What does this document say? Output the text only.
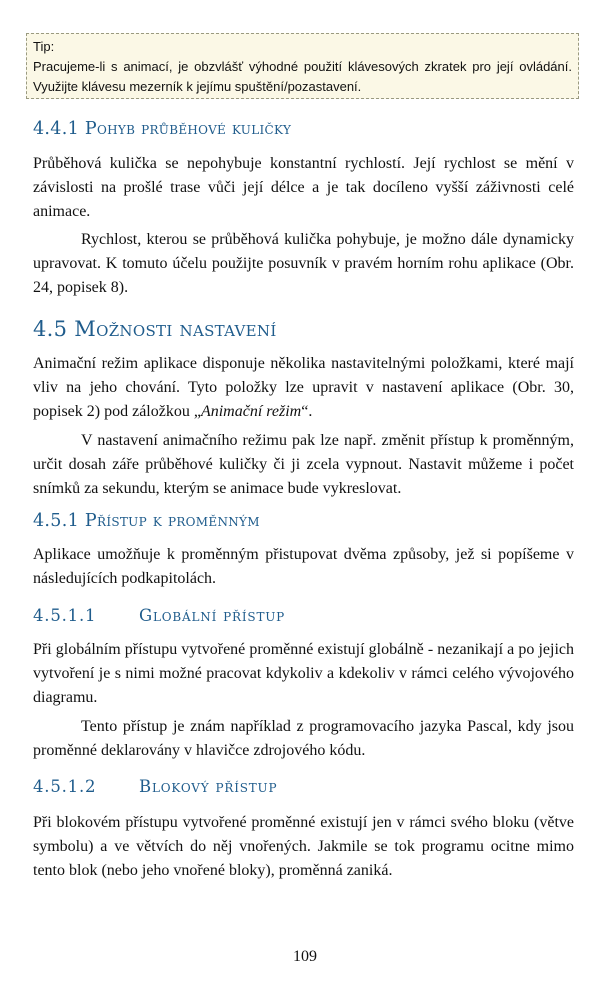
Tip:
Pracujeme-li s animací, je obzvlášť výhodné použití klávesových zkratek pro její ovládání. Využijte klávesu mezerník k jejímu spuštění/pozastavení.
4.4.1 Pohyb průběhové kuličky

Průběhová kulička se nepohybuje konstantní rychlostí. Její rychlost se mění v závislosti na prošlé trase vůči její délce a je tak docíleno vyšší záživnosti celé animace.

Rychlost, kterou se průběhová kulička pohybuje, je možno dále dynamicky upravovat. K tomuto účelu použijte posuvník v pravém horním rohu aplikace (Obr. 24, popisek 8).

4.5 Možnosti nastavení

Animační režim aplikace disponuje několika nastavitelnými položkami, které mají vliv na jeho chování. Tyto položky lze upravit v nastavení aplikace (Obr. 30, popisek 2) pod záložkou „Animační režim“.

V nastavení animačního režimu pak lze např. změnit přístup k proměnným, určit dosah záře průběhové kuličky či ji zcela vypnout. Nastavit můžeme i počet snímků za sekundu, kterým se animace bude vykreslovat.

4.5.1 Přístup k proměnným

Aplikace umožňuje k proměnným přistupovat dvěma způsoby, jež si popíšeme v následujících podkapitolách.

4.5.1.1	Globální přístup

Při globálním přístupu vytvořené proměnné existují globálně - nezanikají a po jejich vytvoření je s nimi možné pracovat kdykoliv a kdekoliv v rámci celého vývojového diagramu.

Tento přístup je znám například z programovacího jazyka Pascal, kdy jsou proměnné deklarovány v hlavičce zdrojového kódu.

4.5.1.2	Blokový přístup

Při blokovém přístupu vytvořené proměnné existují jen v rámci svého bloku (větve symbolu) a ve větvích do něj vnořených. Jakmile se tok programu ocitne mimo tento blok (nebo jeho vnořené bloky), proměnná zaniká.

109
